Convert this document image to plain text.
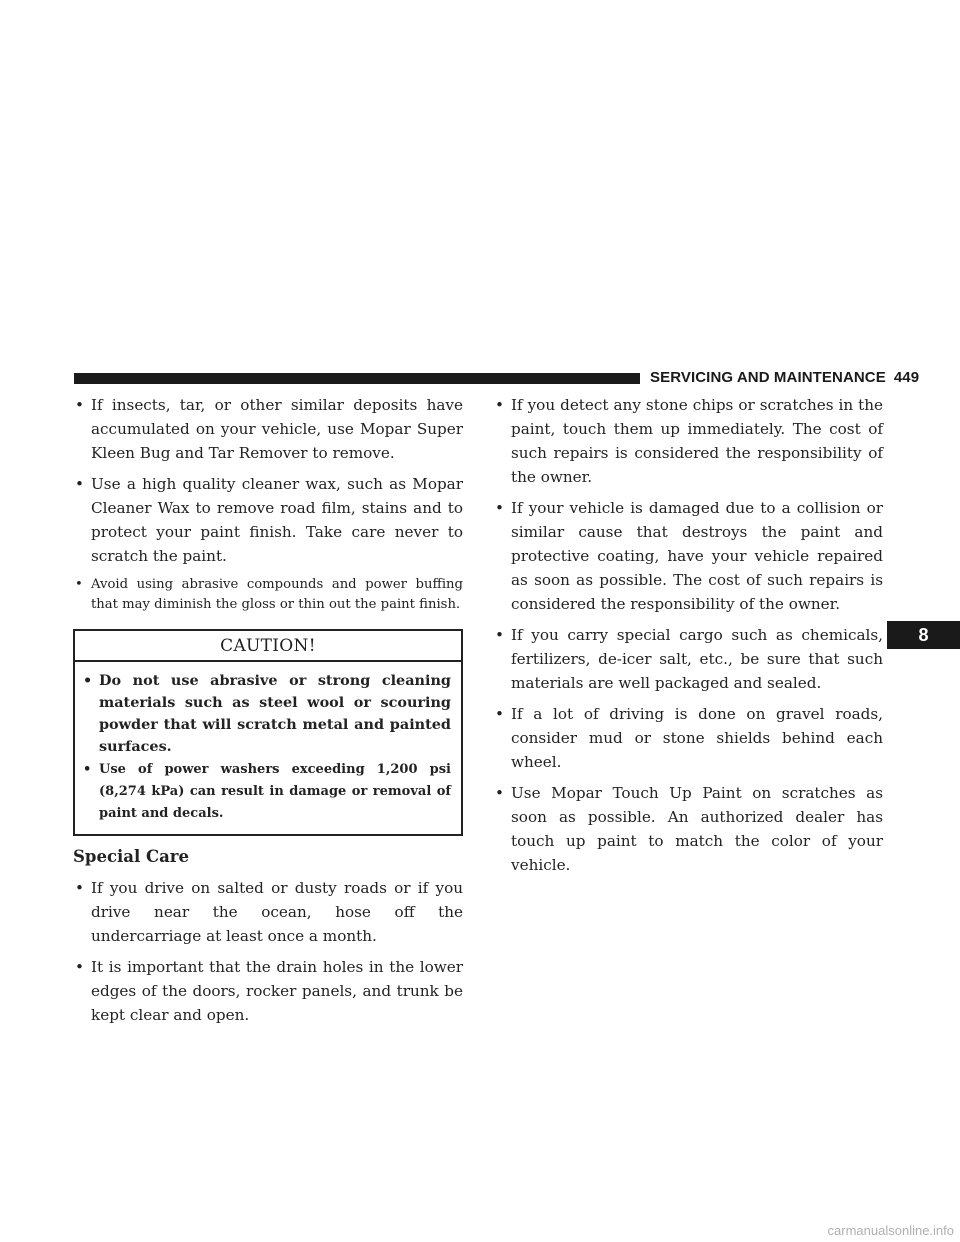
SERVICING AND MAINTENANCE 449
• If insects, tar, or other similar deposits have accumulated on your vehicle, use Mopar Super Kleen Bug and Tar Remover to remove.
• Use a high quality cleaner wax, such as Mopar Cleaner Wax to remove road film, stains and to protect your paint finish. Take care never to scratch the paint.
• Avoid using abrasive compounds and power buffing that may diminish the gloss or thin out the paint finish.
CAUTION!
• Do not use abrasive or strong cleaning materials such as steel wool or scouring powder that will scratch metal and painted surfaces.
• Use of power washers exceeding 1,200 psi (8,274 kPa) can result in damage or removal of paint and decals.
Special Care
• If you drive on salted or dusty roads or if you drive near the ocean, hose off the undercarriage at least once a month.
• It is important that the drain holes in the lower edges of the doors, rocker panels, and trunk be kept clear and open.
• If you detect any stone chips or scratches in the paint, touch them up immediately. The cost of such repairs is considered the responsibility of the owner.
• If your vehicle is damaged due to a collision or similar cause that destroys the paint and protective coating, have your vehicle repaired as soon as possible. The cost of such repairs is considered the responsibility of the owner.
• If you carry special cargo such as chemicals, fertilizers, de-icer salt, etc., be sure that such materials are well packaged and sealed.
• If a lot of driving is done on gravel roads, consider mud or stone shields behind each wheel.
• Use Mopar Touch Up Paint on scratches as soon as possible. An authorized dealer has touch up paint to match the color of your vehicle.
8
carmanualsonline.info
